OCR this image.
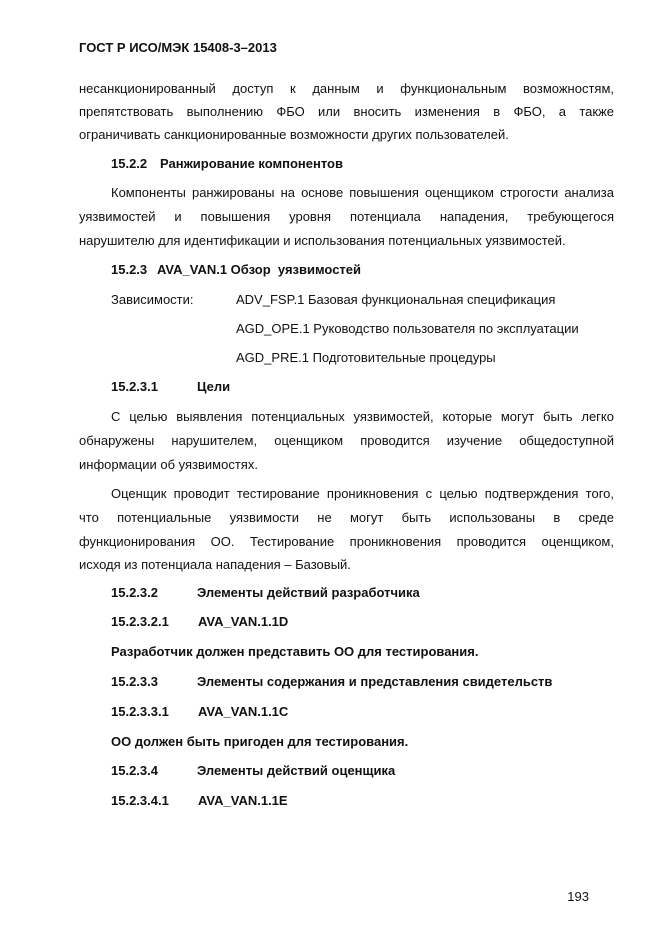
ГОСТ Р ИСО/МЭК 15408-3–2013
несанкционированный доступ к данным и функциональным возможностям,
препятствовать выполнению ФБО или вносить изменения в ФБО, а также
ограничивать санкционированные возможности других пользователей.
15.2.2 Ранжирование компонентов
Компоненты ранжированы на основе повышения оценщиком строгости анализа
уязвимостей и повышения уровня потенциала нападения, требующегося
нарушителю для идентификации и использования потенциальных уязвимостей.
15.2.3 AVA_VAN.1 Обзор  уязвимостей
Зависимости:	ADV_FSP.1 Базовая функциональная спецификация
AGD_OPE.1 Руководство пользователя по эксплуатации
AGD_PRE.1 Подготовительные процедуры
15.2.3.1	Цели
С целью выявления потенциальных уязвимостей, которые могут быть легко
обнаружены нарушителем, оценщиком проводится изучение общедоступной
информации об уязвимостях.
Оценщик проводит тестирование проникновения с целью подтверждения того,
что потенциальные уязвимости не могут быть использованы в среде
функционирования ОО. Тестирование проникновения проводится оценщиком,
исходя из потенциала нападения – Базовый.
15.2.3.2	Элементы действий разработчика
15.2.3.2.1 AVA_VAN.1.1D
Разработчик должен представить ОО для тестирования.
15.2.3.3	Элементы содержания и представления свидетельств
15.2.3.3.1 AVA_VAN.1.1C
ОО должен быть пригоден для тестирования.
15.2.3.4	Элементы действий оценщика
15.2.3.4.1 AVA_VAN.1.1E
193
